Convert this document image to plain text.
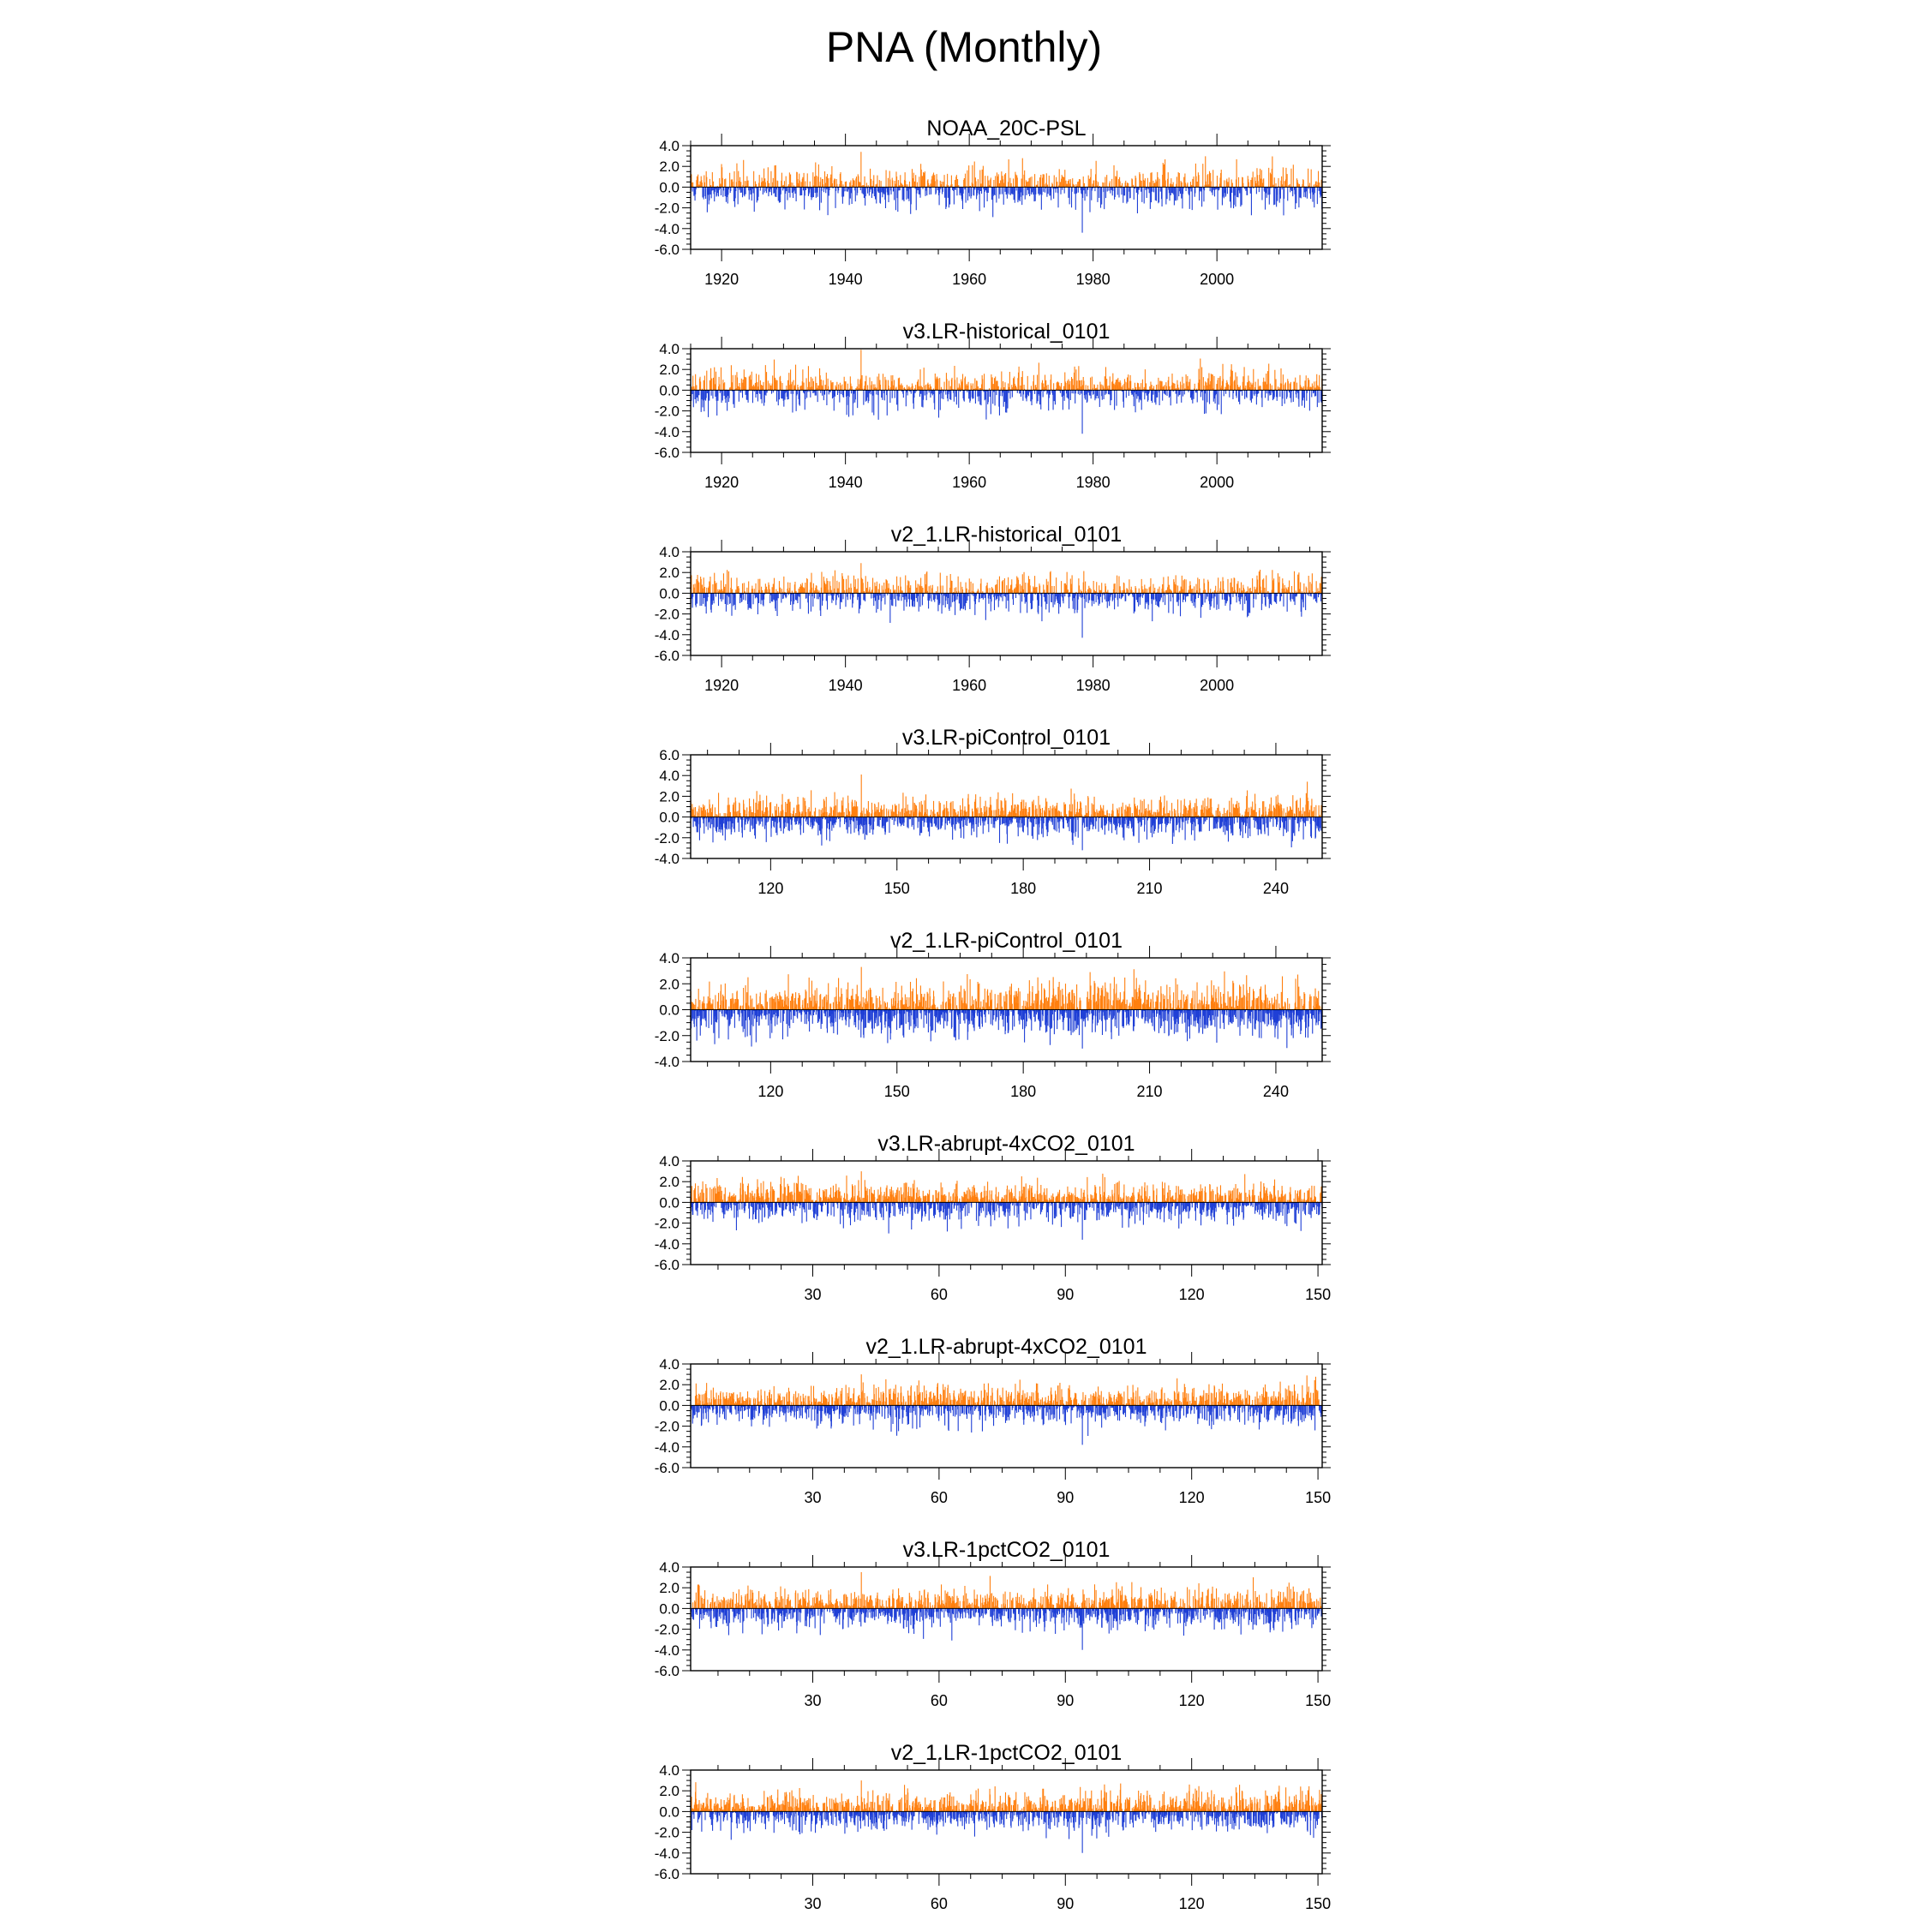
PNA (Monthly)
NOAA_20C-PSL
4.0
2.0
0.0
-2.0
-4.0
-6.0
1920	1940	1960	1980	2000
v3.LR-historical_0101
4.0
2.0
0.0
-2.0
-4.0
-6.0
1920	1940	1960	1980	2000
v2_1.LR-historical_0101
4.0
2.0
0.0
-2.0
-4.0
-6.0
1920	1940	1960	1980	2000
v3.LR-piControl_0101
6.0
4.0
2.0
0.0
-2.0
-4.0
120	150	180	210	240
v2_1.LR-piControl_0101
4.0
2.0
0.0
-2.0
-4.0
120	150	180	210	240
v3.LR-abrupt-4xCO2_0101
4.0
2.0
0.0
-2.0
-4.0
-6.0
30	60	90	120	150
v2_1.LR-abrupt-4xCO2_0101
4.0
2.0
0.0
-2.0
-4.0
-6.0
30	60	90	120	150
v3.LR-1pctCO2_0101
4.0
2.0
0.0
-2.0
-4.0
-6.0
30	60	90	120	150
v2_1.LR-1pctCO2_0101
4.0
2.0
0.0
-2.0
-4.0
-6.0
30	60	90	120	150
